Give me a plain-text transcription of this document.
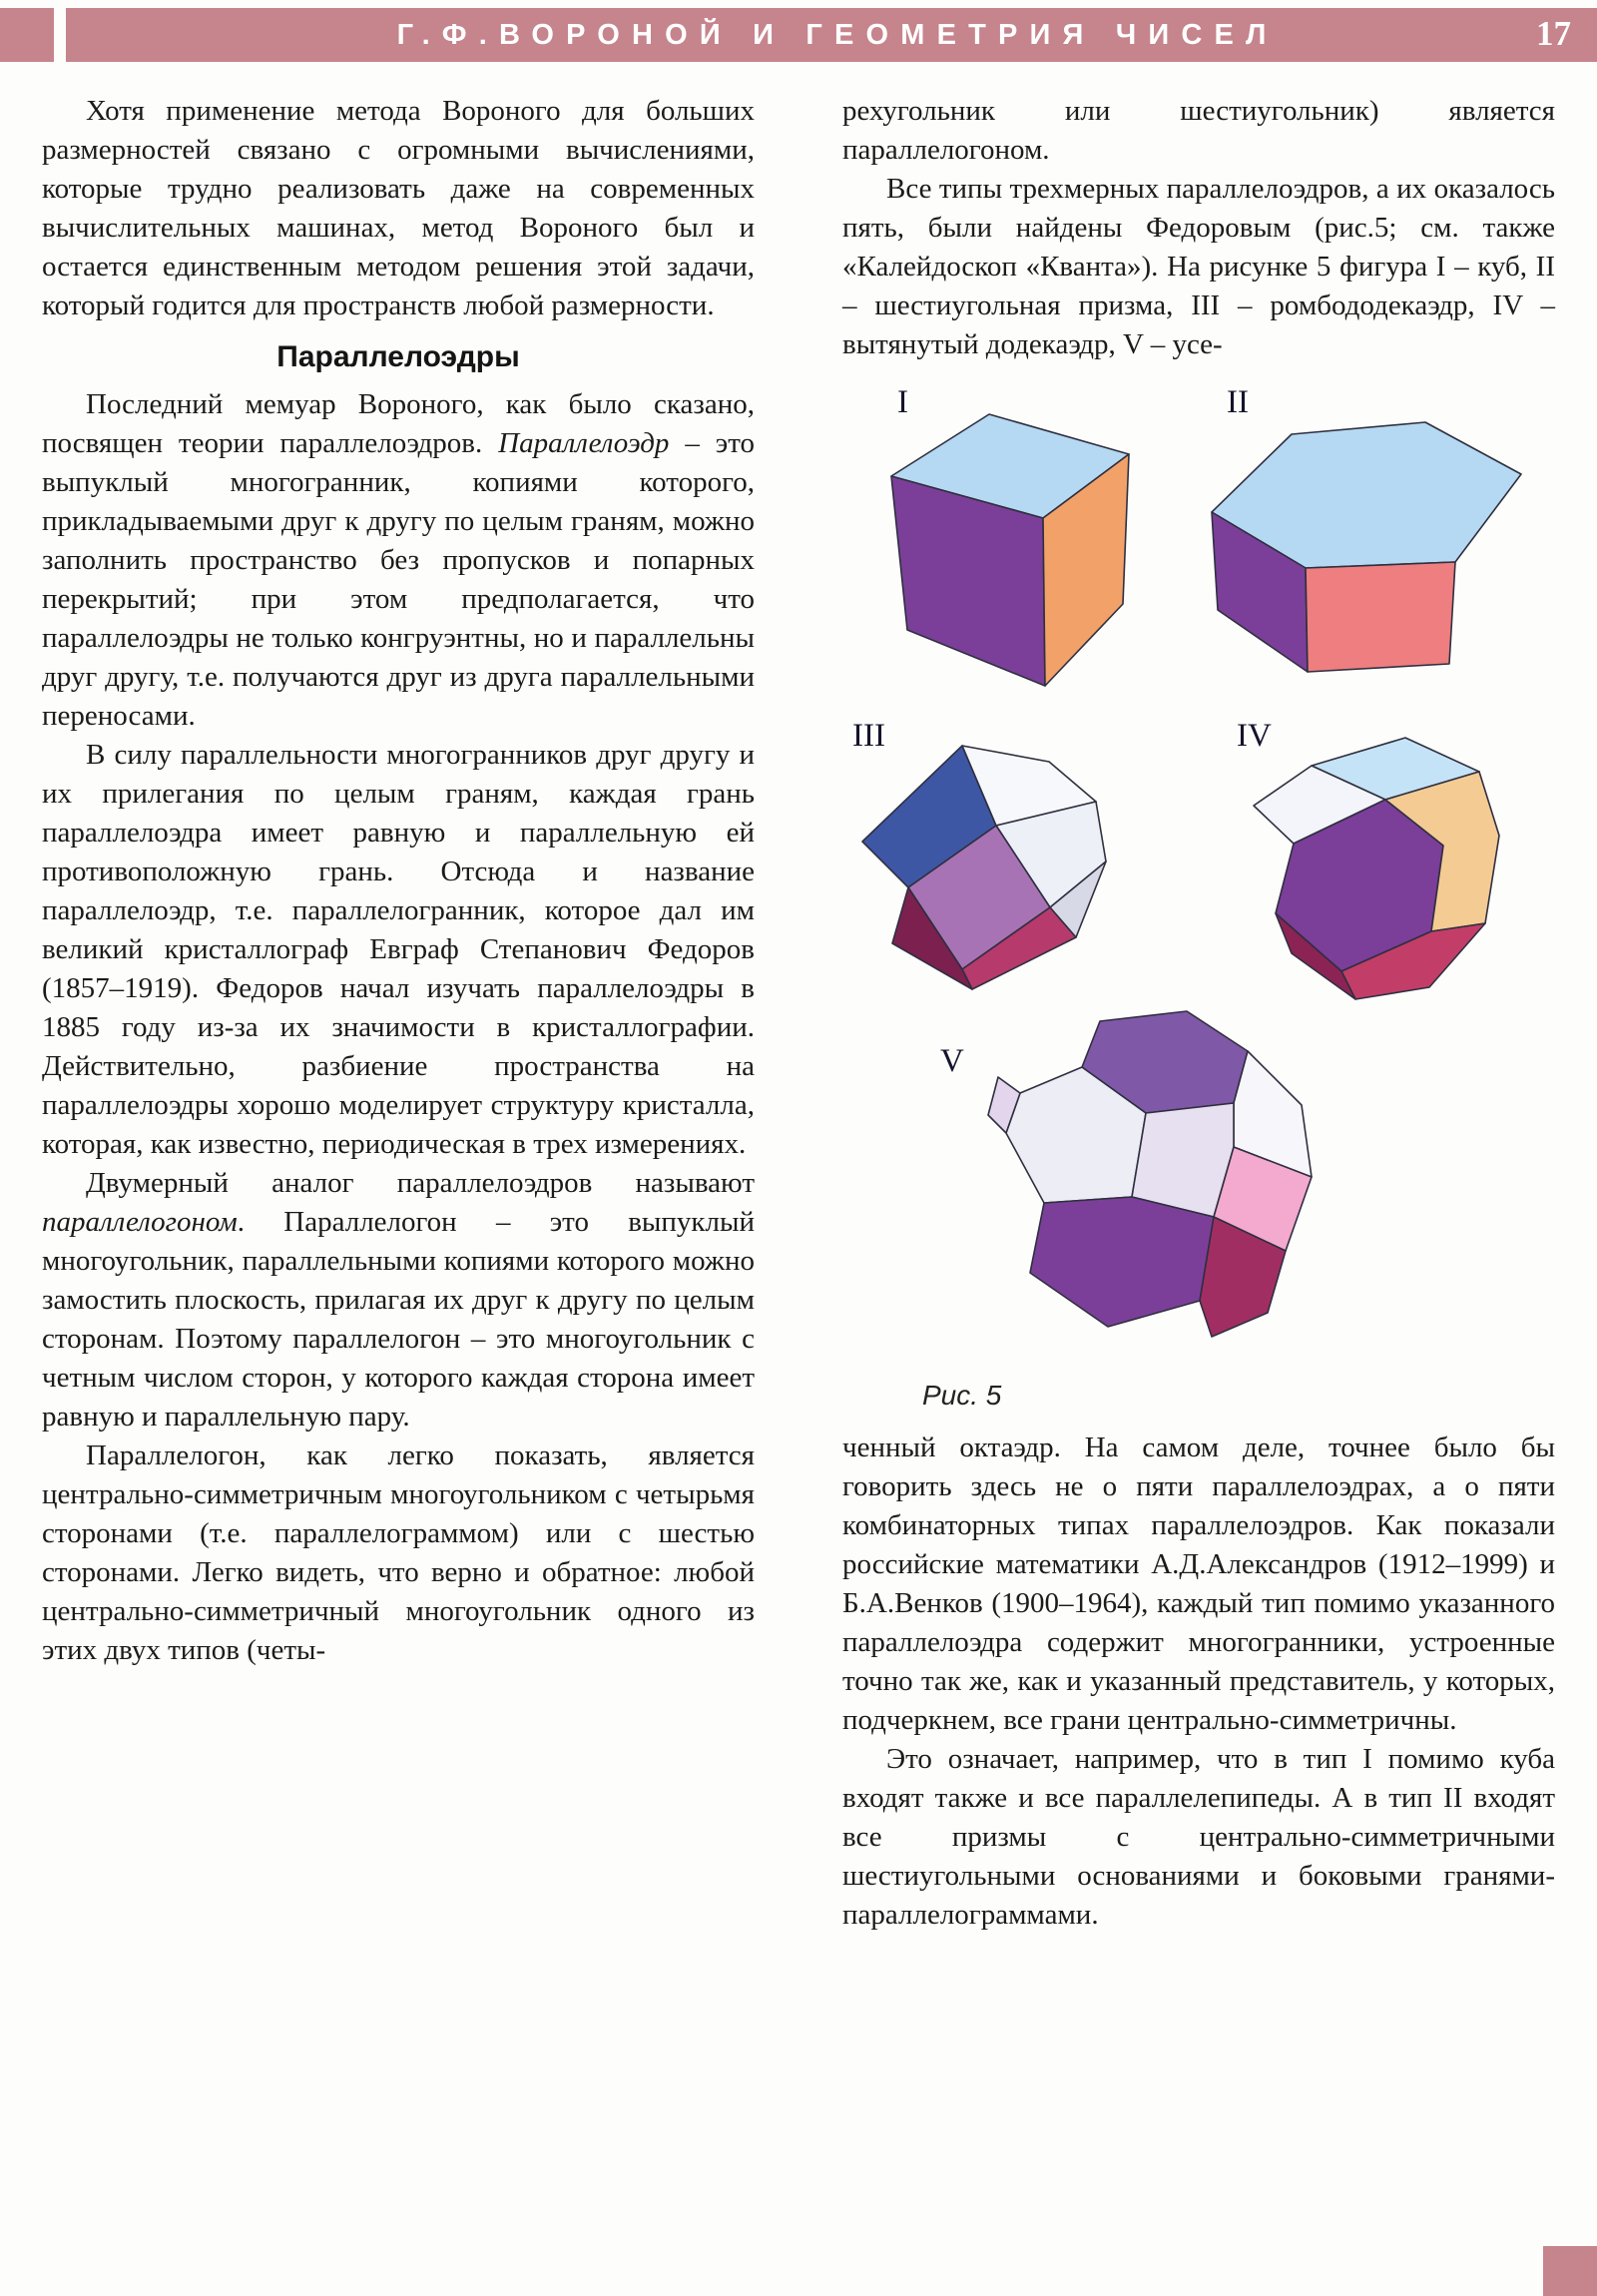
Г.Ф.ВОРОНОЙ И ГЕОМЕТРИЯ ЧИСЕЛ	17

Хотя применение метода Вороного для больших размерностей связано с огромными вычислениями, которые трудно реализовать даже на современных вычислительных машинах, метод Вороного был и остается единственным методом решения этой задачи, который годится для пространств любой размерности.

Параллелоэдры

Последний мемуар Вороного, как было сказано, посвящен теории параллелоэдров. Параллелоэдр – это выпуклый многогранник, копиями которого, прикладываемыми друг к другу по целым граням, можно заполнить пространство без пропусков и попарных перекрытий; при этом предполагается, что параллелоэдры не только конгруэнтны, но и параллельны друг другу, т.е. получаются друг из друга параллельными переносами.

В силу параллельности многогранников друг другу и их прилегания по целым граням, каждая грань параллелоэдра имеет равную и параллельную ей противоположную грань. Отсюда и название параллелоэдр, т.е. параллелогранник, которое дал им великий кристаллограф Евграф Степанович Федоров (1857–1919). Федоров начал изучать параллелоэдры в 1885 году из-за их значимости в кристаллографии. Действительно, разбиение пространства на параллелоэдры хорошо моделирует структуру кристалла, которая, как известно, периодическая в трех измерениях.

Двумерный аналог параллелоэдров называют параллелогоном. Параллелогон – это выпуклый многоугольник, параллельными копиями которого можно замостить плоскость, прилагая их друг к другу по целым сторонам. Поэтому параллелогон – это многоугольник с четным числом сторон, у которого каждая сторона имеет равную и параллельную пару.

Параллелогон, как легко показать, является центрально-симметричным многоугольником с четырьмя сторонами (т.е. параллелограммом) или с шестью сторонами. Легко видеть, что верно и обратное: любой центрально-симметричный многоугольник одного из этих двух типов (четы-

рехугольник или шестиугольник) является параллелогоном.

Все типы трехмерных параллелоэдров, а их оказалось пять, были найдены Федоровым (рис.5; см. также «Калейдоскоп «Кванта»). На рисунке 5 фигура I – куб, II – шестиугольная призма, III – ромбододекаэдр, IV – вытянутый додекаэдр, V – усе-

I	II
III	IV
V
Рис. 5

ченный октаэдр. На самом деле, точнее было бы говорить здесь не о пяти параллелоэдрах, а о пяти комбинаторных типах параллелоэдров. Как показали российские математики А.Д.Александров (1912–1999) и Б.А.Венков (1900–1964), каждый тип помимо указанного параллелоэдра содержит многогранники, устроенные точно так же, как и указанный представитель, у которых, подчеркнем, все грани центрально-симметричны.

Это означает, например, что в тип I помимо куба входят также и все параллелепипеды. А в тип II входят все призмы с центрально-симметричными шестиугольными основаниями и боковыми гранями-параллелограммами.
